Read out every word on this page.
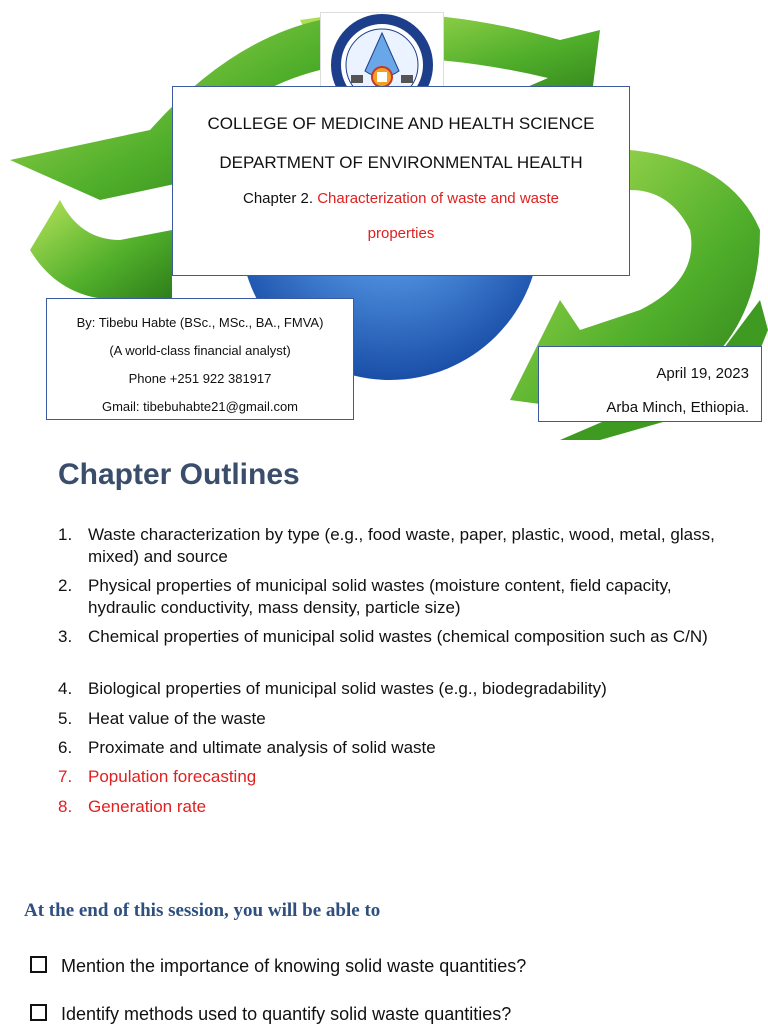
COLLEGE OF MEDICINE AND HEALTH SCIENCE
DEPARTMENT OF ENVIRONMENTAL HEALTH
Chapter 2. Characterization of waste and waste
properties
By: Tibebu Habte (BSc., MSc., BA., FMVA)
(A world-class financial analyst)
Phone +251 922 381917
Gmail: tibebuhabte21@gmail.com
April 19, 2023
Arba Minch, Ethiopia.
Chapter Outlines
1. Waste characterization by type (e.g., food waste, paper, plastic, wood, metal, glass, mixed) and source
2. Physical properties of municipal solid wastes (moisture content, field capacity, hydraulic conductivity, mass density, particle size)
3. Chemical properties of municipal solid wastes (chemical composition such as C/N)
4. Biological properties of municipal solid wastes (e.g., biodegradability)
5. Heat value of the waste
6. Proximate and ultimate analysis of solid waste
7. Population forecasting
8. Generation rate
At the end of this session, you will be able to
Mention the importance of knowing solid waste quantities?
Identify methods used to quantify solid waste quantities?
